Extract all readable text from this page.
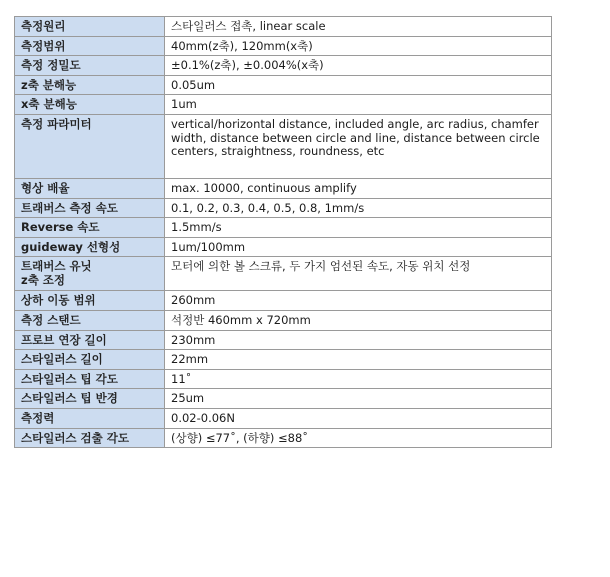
측정원리	스타일러스 접촉, linear scale
측정범위	40mm(z축), 120mm(x축)
측정 정밀도	±0.1%(z축), ±0.004%(x축)
z축 분해능	0.05um
x축 분해능	1um
측정 파라미터	vertical/horizontal distance, included angle, arc radius, chamfer width, distance between circle and line, distance between circle centers, straightness, roundness, etc
형상 배율	max. 10000, continuous amplify
트래버스 측정 속도	0.1, 0.2, 0.3, 0.4, 0.5, 0.8, 1mm/s
Reverse 속도	1.5mm/s
guideway 선형성	1um/100mm

트래버스 유닛
z축 조정	모터에 의한 볼 스크류, 두 가지 엄선된 속도, 자동 위치 선정
상하 이동 범위	260mm
측정 스탠드	석정반 460mm x 720mm
프로브 연장 길이	230mm
스타일러스 길이	22mm
스타일러스 팁 각도	11˚
스타일러스 팁 반경	25um
측정력	0.02-0.06N
스타일러스 검출 각도	(상향) ≤77˚, (하향) ≤88˚
